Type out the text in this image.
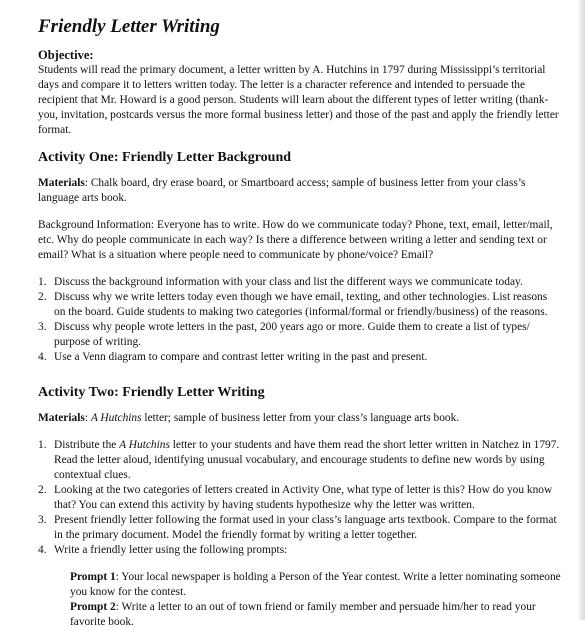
Friendly Letter Writing

Objective:

Students will read the primary document, a letter written by A. Hutchins in 1797 during Mississippi’s territorial days and compare it to letters written today. The letter is a character reference and intended to persuade the recipient that Mr. Howard is a good person. Students will learn about the different types of letter writing (thank-you, invitation, postcards versus the more formal business letter) and those of the past and apply the friendly letter format.

Activity One: Friendly Letter Background

Materials: Chalk board, dry erase board, or Smartboard access; sample of business letter from your class’s language arts book.

Background Information: Everyone has to write. How do we communicate today? Phone, text, email, letter/mail, etc. Why do people communicate in each way? Is there a difference between writing a letter and sending text or email? What is a situation where people need to communicate by phone/voice? Email?

1. Discuss the background information with your class and list the different ways we communicate today.
2. Discuss why we write letters today even though we have email, texting, and other technologies. List reasons on the board. Guide students to making two categories (informal/formal or friendly/business) of the reasons.
3. Discuss why people wrote letters in the past, 200 years ago or more. Guide them to create a list of types/ purpose of writing.
4. Use a Venn diagram to compare and contrast letter writing in the past and present.
Activity Two: Friendly Letter Writing

Materials: A Hutchins letter; sample of business letter from your class’s language arts book.

1. Distribute the A Hutchins letter to your students and have them read the short letter written in Natchez in 1797. Read the letter aloud, identifying unusual vocabulary, and encourage students to define new words by using contextual clues.
2. Looking at the two categories of letters created in Activity One, what type of letter is this? How do you know that? You can extend this activity by having students hypothesize why the letter was written.
3. Present friendly letter following the format used in your class’s language arts textbook. Compare to the format in the primary document. Model the friendly format by writing a letter together.
4. Write a friendly letter using the following prompts:

Prompt 1: Your local newspaper is holding a Person of the Year contest. Write a letter nominating someone you know for the contest.

Prompt 2: Write a letter to an out of town friend or family member and persuade him/her to read your favorite book.
